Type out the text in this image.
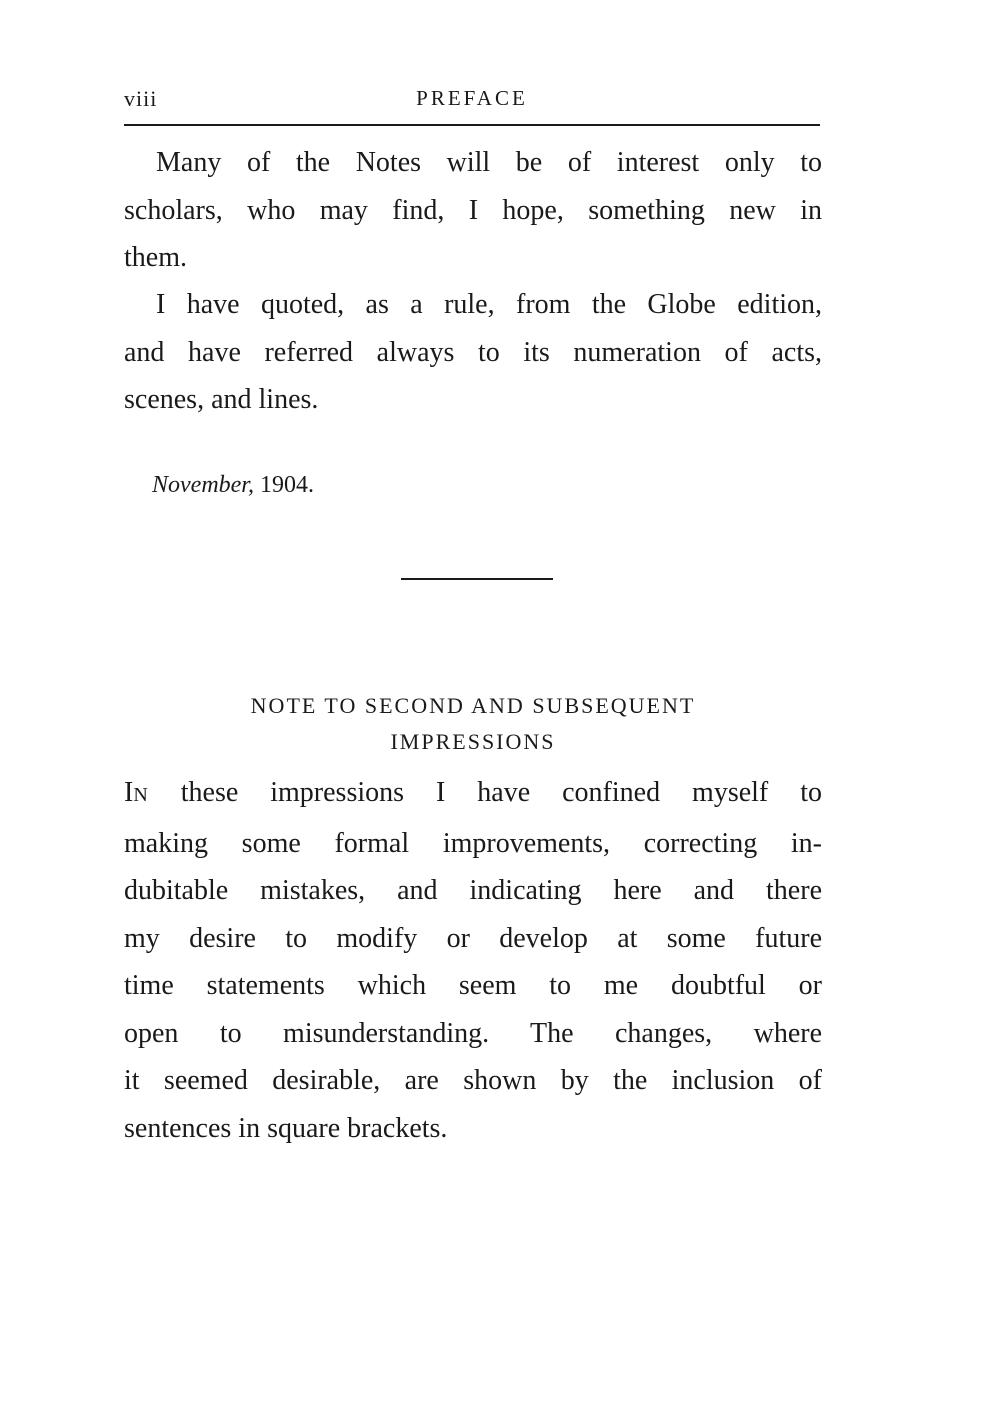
viii	PREFACE

Many of the Notes will be of interest only to
scholars, who may find, I hope, something new in
them.

I have quoted, as a rule, from the Globe edition,
and have referred always to its numeration of acts,
scenes, and lines.

November, 1904.
NOTE TO SECOND AND SUBSEQUENT
IMPRESSIONS

IN these impressions I have confined myself to
making some formal improvements, correcting in-
dubitable mistakes, and indicating here and there
my desire to modify or develop at some future
time statements which seem to me doubtful or
open to misunderstanding. The changes, where
it seemed desirable, are shown by the inclusion of
sentences in square brackets.
